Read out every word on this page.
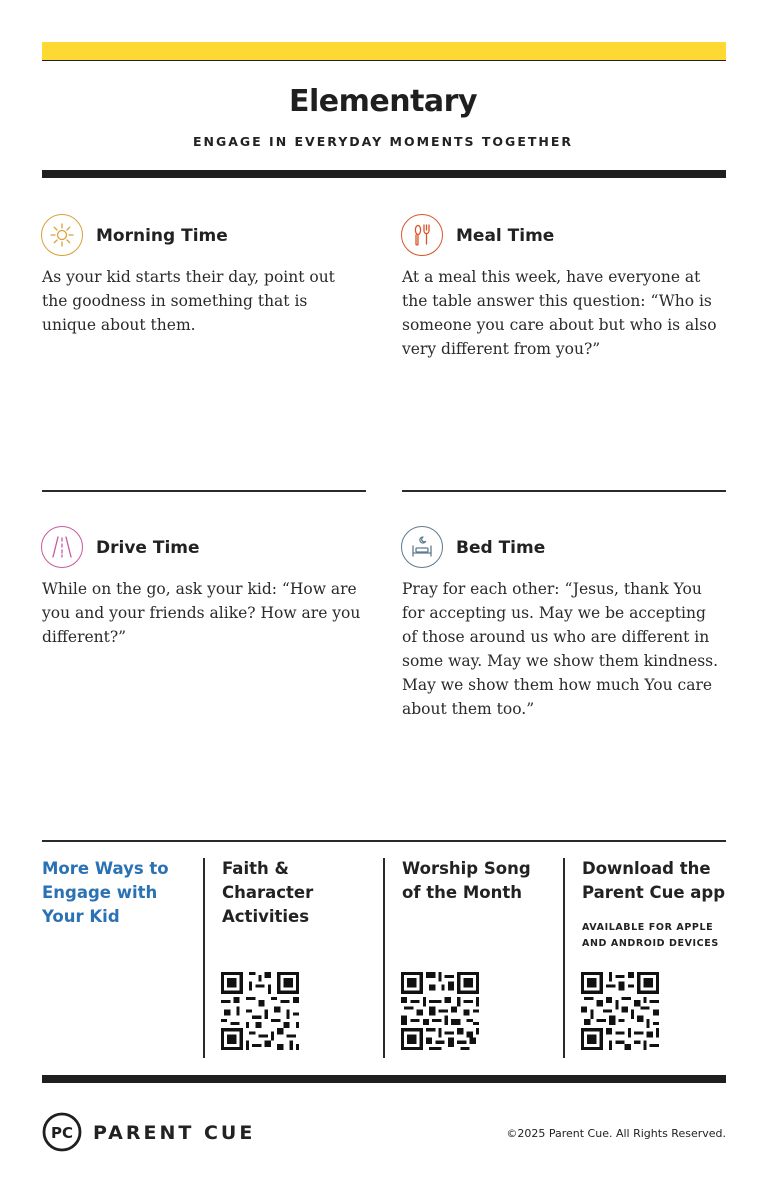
Elementary
ENGAGE IN EVERYDAY MOMENTS TOGETHER
Morning Time
As your kid starts their day, point out the goodness in something that is unique about them.
Meal Time
At a meal this week, have everyone at the table answer this question: “Who is someone you care about but who is also very different from you?”
Drive Time
While on the go, ask your kid: “How are you and your friends alike? How are you different?”
Bed Time
Pray for each other: “Jesus, thank You for accepting us. May we be accepting of those around us who are different in some way. May we show them kindness. May we show them how much You care about them too.”
More Ways to Engage with Your Kid
Faith & Character Activities
Worship Song of the Month
Download the Parent Cue app
AVAILABLE FOR APPLE AND ANDROID DEVICES
PC PARENT CUE	©2025 Parent Cue. All Rights Reserved.
